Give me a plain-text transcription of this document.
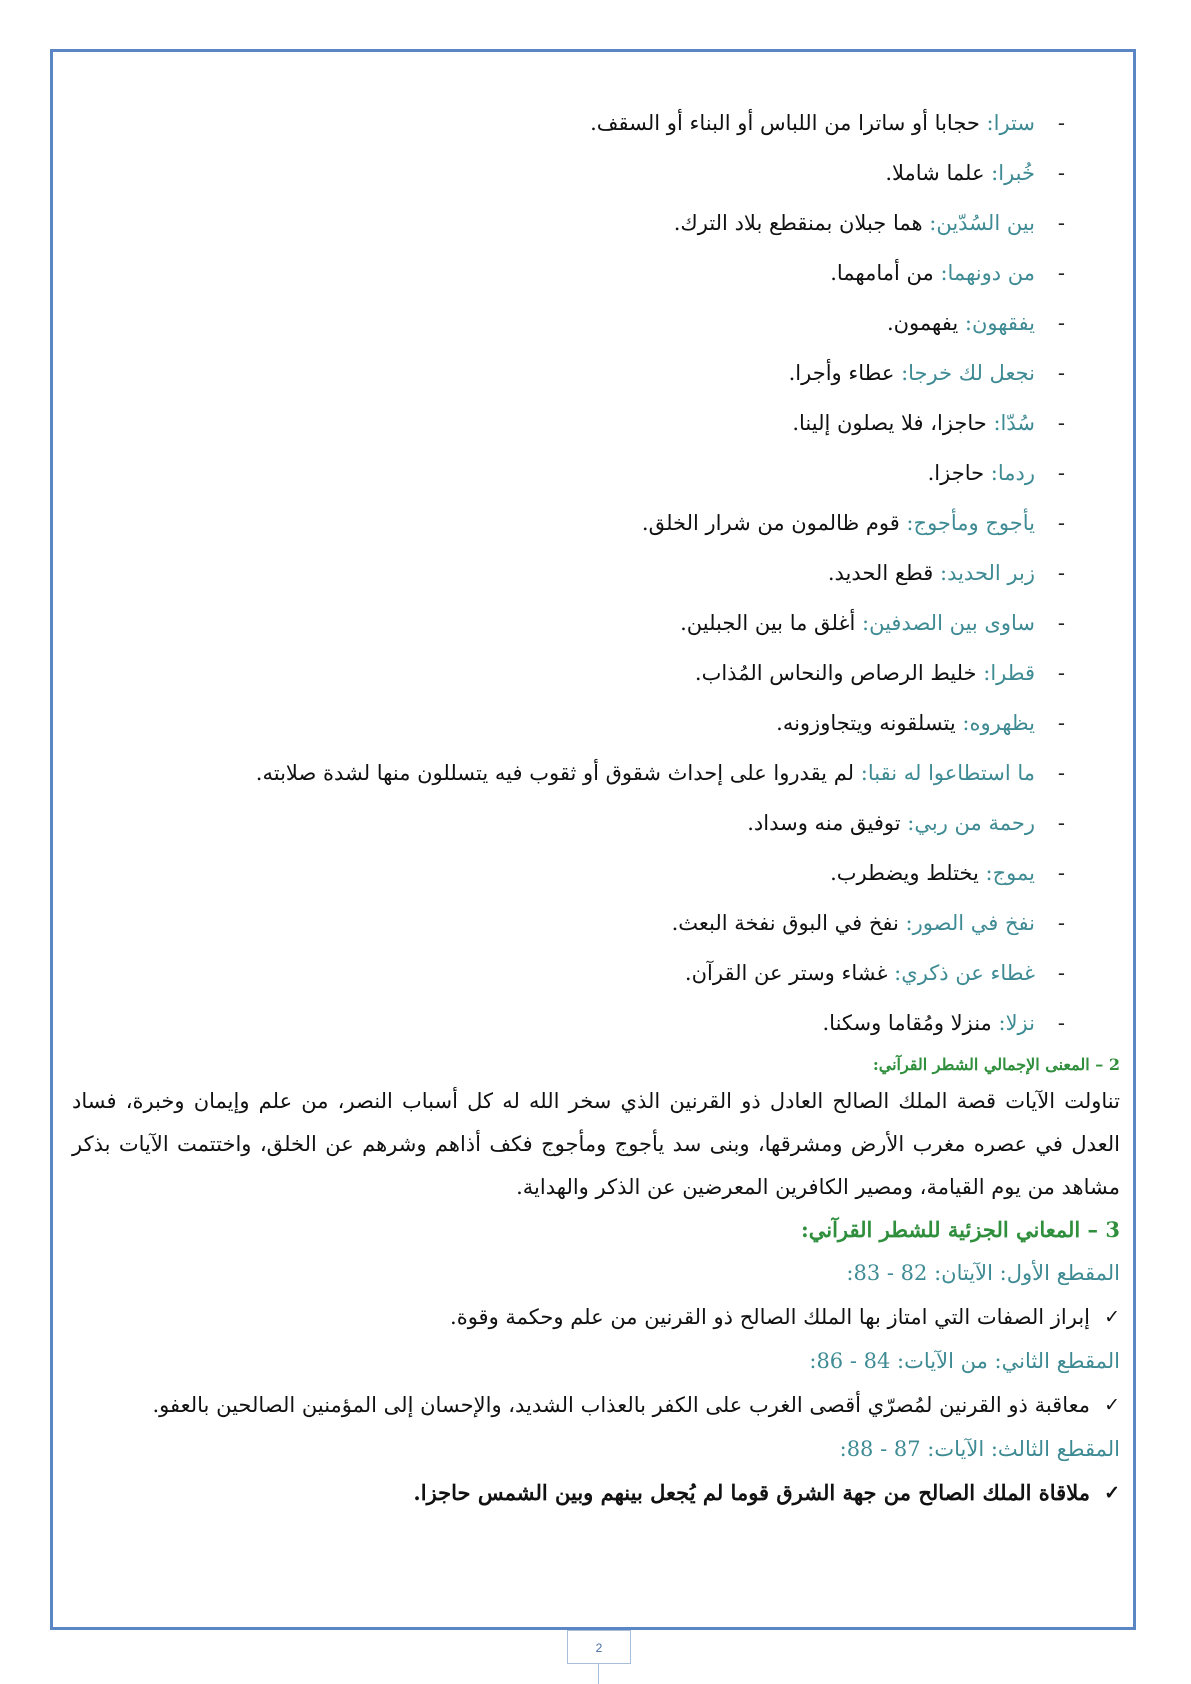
-
سترا: حجابا أو ساترا من اللباس أو البناء أو السقف.
-
خُبرا: علما شاملا.
-
بين السُدّين: هما جبلان بمنقطع بلاد الترك.
-
من دونهما: من أمامهما.
-
يفقهون: يفهمون.
-
نجعل لك خرجا: عطاء وأجرا.
-
سُدّا: حاجزا، فلا يصلون إلينا.
-
ردما: حاجزا.
-
يأجوج ومأجوج: قوم ظالمون من شرار الخلق.
-
زبر الحديد: قطع الحديد.
-
ساوى بين الصدفين: أغلق ما بين الجبلين.
-
قطرا: خليط الرصاص والنحاس المُذاب.
-
يظهروه: يتسلقونه ويتجاوزونه.
-
ما استطاعوا له نقبا: لم يقدروا على إحداث شقوق أو ثقوب فيه يتسللون منها لشدة صلابته.
-
رحمة من ربي: توفيق منه وسداد.
-
يموج: يختلط ويضطرب.
-
نفخ في الصور: نفخ في البوق نفخة البعث.
-
غطاء عن ذكري: غشاء وستر عن القرآن.
-
نزلا: منزلا ومُقاما وسكنا.
2 – المعنى الإجمالي الشطر القرآني:

تناولت الآيات قصة الملك الصالح العادل ذو القرنين الذي سخر الله له كل أسباب النصر، من علم وإيمان وخبرة، فساد العدل في عصره مغرب الأرض ومشرقها، وبنى سد يأجوج ومأجوج فكف أذاهم وشرهم عن الخلق، واختتمت الآيات بذكر مشاهد من يوم القيامة، ومصير الكافرين المعرضين عن الذكر والهداية.

3 – المعاني الجزئية للشطر القرآني:
المقطع الأول: الآيتان: 82 - 83:
✓
إبراز الصفات التي امتاز بها الملك الصالح ذو القرنين من علم وحكمة وقوة.
المقطع الثاني: من الآيات: 84 - 86:
✓
معاقبة ذو القرنين لمُصرّي أقصى الغرب على الكفر بالعذاب الشديد، والإحسان إلى المؤمنين الصالحين بالعفو.
المقطع الثالث: الآيات: 87 - 88:
✓
ملاقاة الملك الصالح من جهة الشرق قوما لم يُجعل بينهم وبين الشمس حاجزا.
2
